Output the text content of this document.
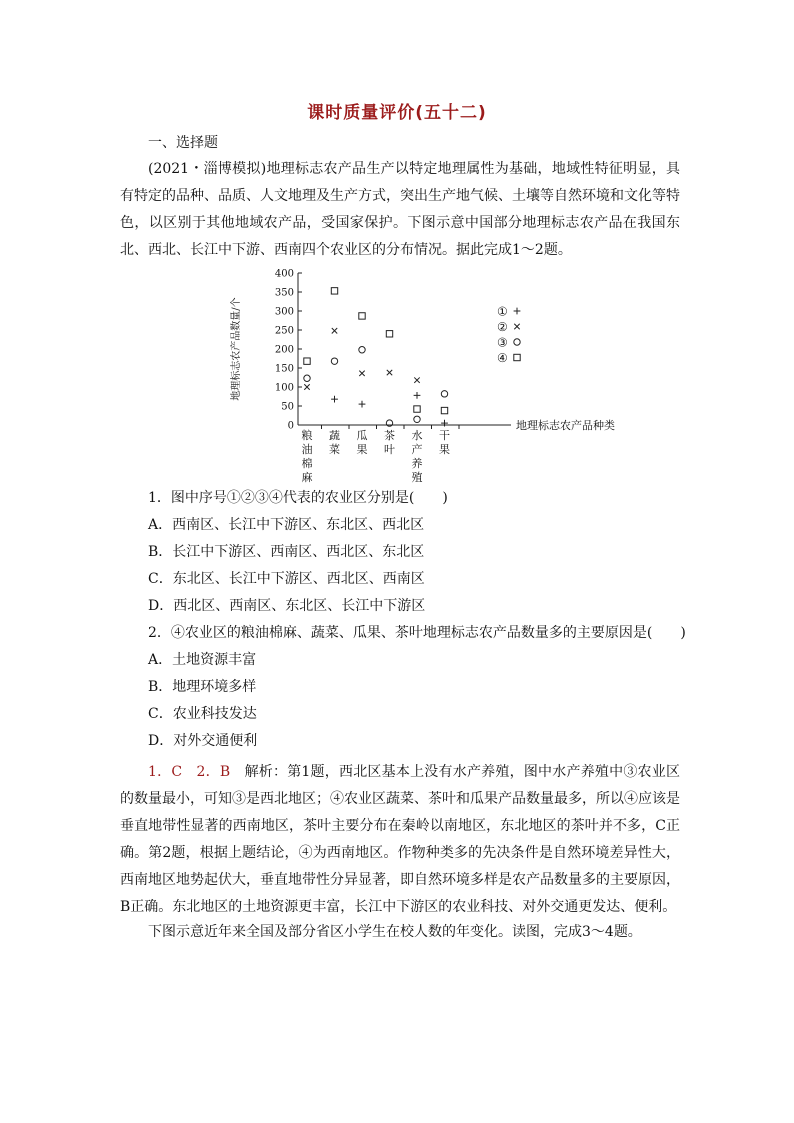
课时质量评价(五十二)
一、选择题
(2021・淄博模拟)地理标志农产品生产以特定地理属性为基础，地域性特征明显，具有特定的品种、品质、人文地理及生产方式，突出生产地气候、土壤等自然环境和文化等特色，以区别于其他地域农产品，受国家保护。下图示意中国部分地理标志农产品在我国东北、西北、长江中下游、西南四个农业区的分布情况。据此完成1～2题。
0
50
100
150
200
250
300
350
400
地理标志农产品数量/个
地理标志农产品种类
粮油棉麻
蔬菜
瓜果
茶叶
水产养殖
干果
①
②
③
④
1．图中序号①②③④代表的农业区分别是(　　)
A．西南区、长江中下游区、东北区、西北区
B．长江中下游区、西南区、西北区、东北区
C．东北区、长江中下游区、西北区、西南区
D．西北区、西南区、东北区、长江中下游区
2．④农业区的粮油棉麻、蔬菜、瓜果、茶叶地理标志农产品数量多的主要原因是(　　)
A．土地资源丰富
B．地理环境多样
C．农业科技发达
D．对外交通便利
1．C　2．B　 解析：第1题，西北区基本上没有水产养殖，图中水产养殖中③农业区的数量最小，可知③是西北地区；④农业区蔬菜、茶叶和瓜果产品数量最多，所以④应该是垂直地带性显著的西南地区，茶叶主要分布在秦岭以南地区，东北地区的茶叶并不多，C正确。第2题，根据上题结论，④为西南地区。作物种类多的先决条件是自然环境差异性大，西南地区地势起伏大，垂直地带性分异显著，即自然环境多样是农产品数量多的主要原因，B正确。东北地区的土地资源更丰富，长江中下游区的农业科技、对外交通更发达、便利。
下图示意近年来全国及部分省区小学生在校人数的年变化。读图，完成3～4题。
